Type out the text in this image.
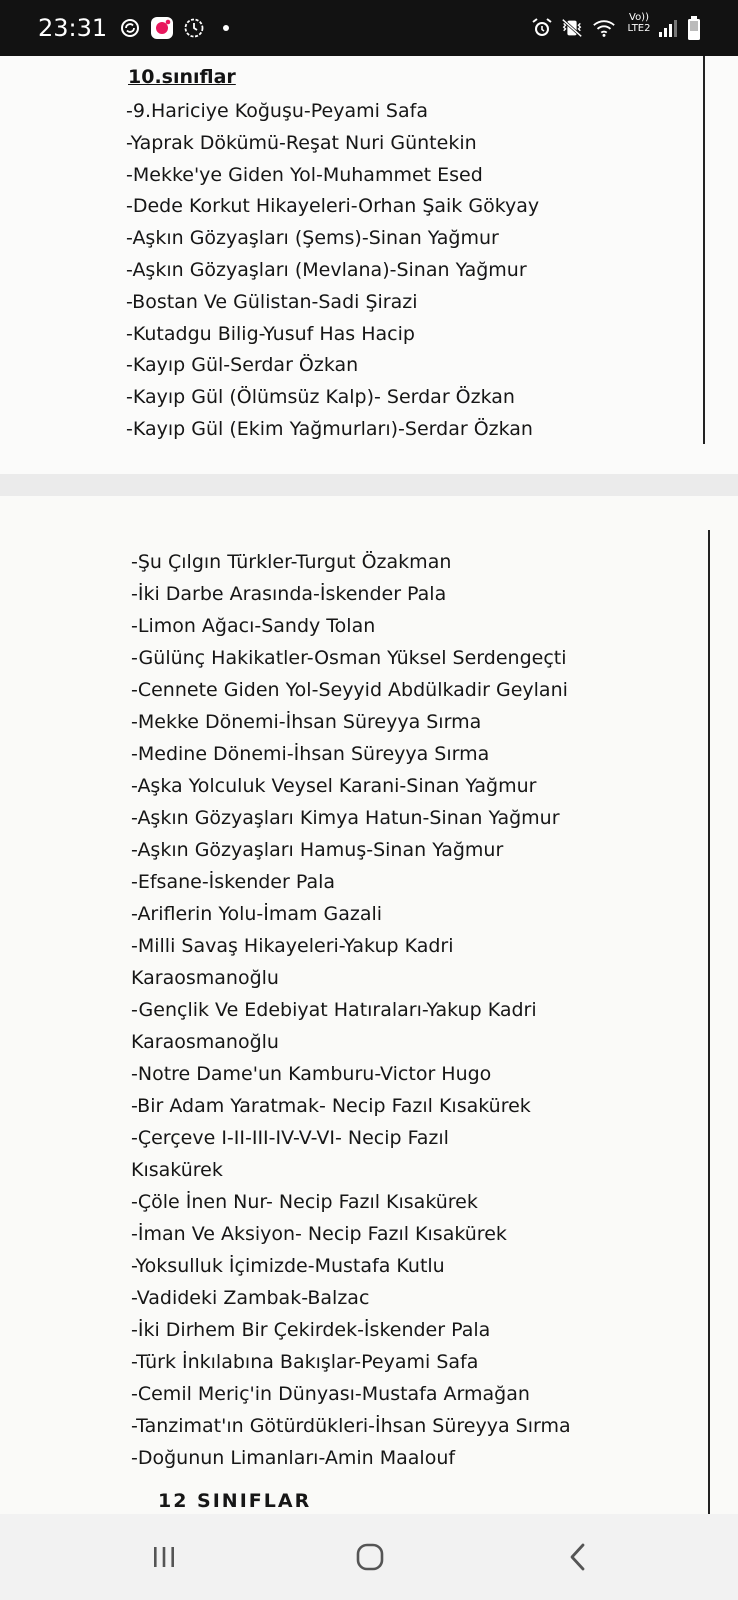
23:31	Vo))
LTE2
10.sınıflar
-9.Hariciye Koğuşu-Peyami Safa
-Yaprak Dökümü-Reşat Nuri Güntekin
-Mekke'ye Giden Yol-Muhammet Esed
-Dede Korkut Hikayeleri-Orhan Şaik Gökyay
-Aşkın Gözyaşları (Şems)-Sinan Yağmur
-Aşkın Gözyaşları (Mevlana)-Sinan Yağmur
-Bostan Ve Gülistan-Sadi Şirazi
-Kutadgu Bilig-Yusuf Has Hacip
-Kayıp Gül-Serdar Özkan
-Kayıp Gül (Ölümsüz Kalp)- Serdar Özkan
-Kayıp Gül (Ekim Yağmurları)-Serdar Özkan
-Şu Çılgın Türkler-Turgut Özakman
-İki Darbe Arasında-İskender Pala
-Limon Ağacı-Sandy Tolan
-Gülünç Hakikatler-Osman Yüksel Serdengeçti
-Cennete Giden Yol-Seyyid Abdülkadir Geylani
-Mekke Dönemi-İhsan Süreyya Sırma
-Medine Dönemi-İhsan Süreyya Sırma
-Aşka Yolculuk Veysel Karani-Sinan Yağmur
-Aşkın Gözyaşları Kimya Hatun-Sinan Yağmur
-Aşkın Gözyaşları Hamuş-Sinan Yağmur
-Efsane-İskender Pala
-Ariflerin Yolu-İmam Gazali
-Milli Savaş Hikayeleri-Yakup Kadri
Karaosmanoğlu
-Gençlik Ve Edebiyat Hatıraları-Yakup Kadri
Karaosmanoğlu
-Notre Dame'un Kamburu-Victor Hugo
-Bir Adam Yaratmak- Necip Fazıl Kısakürek
-Çerçeve I-II-III-IV-V-VI- Necip Fazıl
Kısakürek
-Çöle İnen Nur- Necip Fazıl Kısakürek
-İman Ve Aksiyon- Necip Fazıl Kısakürek
-Yoksulluk İçimizde-Mustafa Kutlu
-Vadideki Zambak-Balzac
-İki Dirhem Bir Çekirdek-İskender Pala
-Türk İnkılabına Bakışlar-Peyami Safa
-Cemil Meriç'in Dünyası-Mustafa Armağan
-Tanzimat'ın Götürdükleri-İhsan Süreyya Sırma
-Doğunun Limanları-Amin Maalouf
12 SINIFLAR
